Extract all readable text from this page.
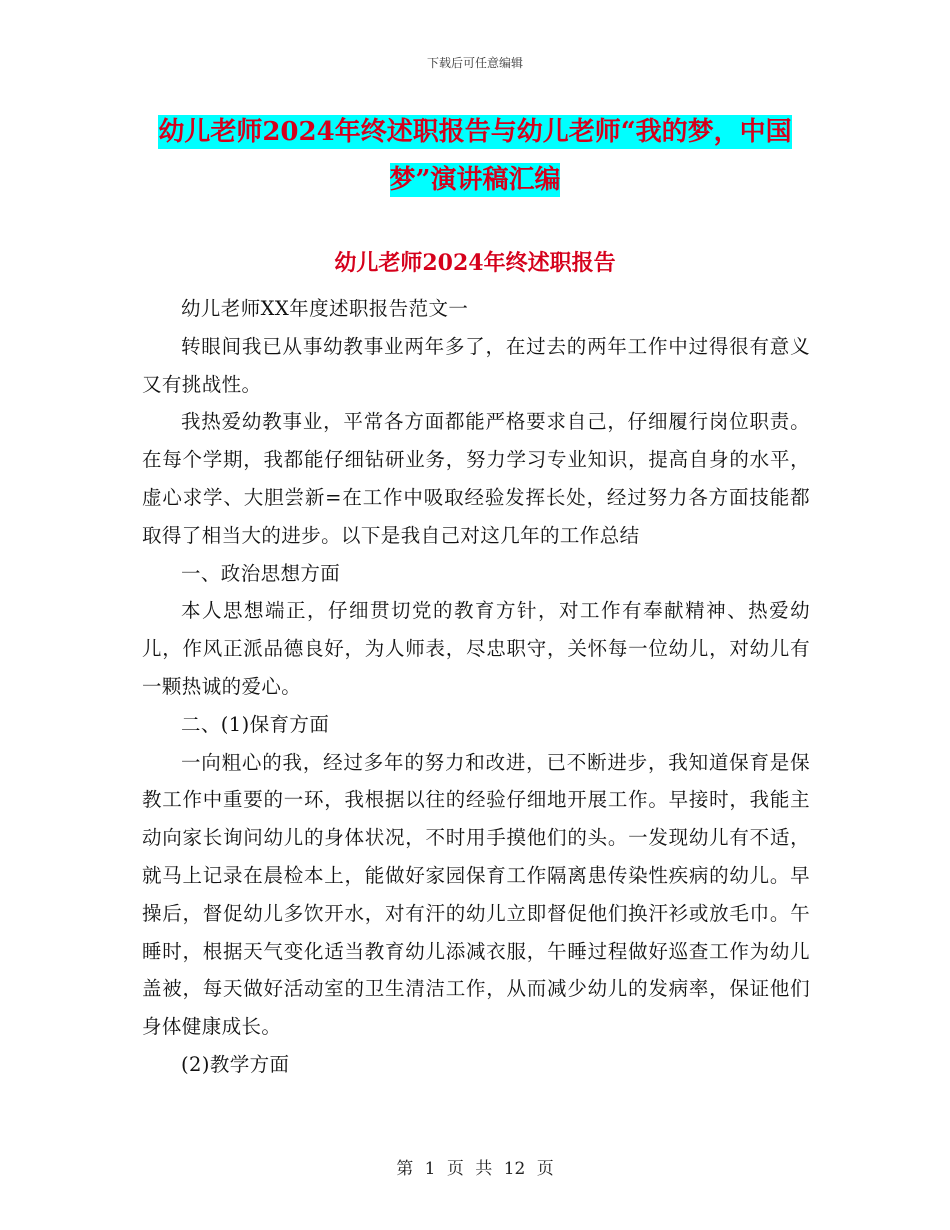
下载后可任意编辑
幼儿老师2024年终述职报告与幼儿老师“我的梦，中国梦”演讲稿汇编
幼儿老师2024年终述职报告

幼儿老师XX年度述职报告范文一

转眼间我已从事幼教事业两年多了，在过去的两年工作中过得很有意义又有挑战性。

我热爱幼教事业，平常各方面都能严格要求自己，仔细履行岗位职责。在每个学期，我都能仔细钻研业务，努力学习专业知识，提高自身的水平，虚心求学、大胆尝新=在工作中吸取经验发挥长处，经过努力各方面技能都取得了相当大的进步。以下是我自己对这几年的工作总结

一、政治思想方面

本人思想端正，仔细贯切党的教育方针，对工作有奉献精神、热爱幼儿，作风正派品德良好，为人师表，尽忠职守，关怀每一位幼儿，对幼儿有一颗热诚的爱心。

二、(1)保育方面

一向粗心的我，经过多年的努力和改进，已不断进步，我知道保育是保教工作中重要的一环，我根据以往的经验仔细地开展工作。早接时，我能主动向家长询问幼儿的身体状况，不时用手摸他们的头。一发现幼儿有不适，就马上记录在晨检本上，能做好家园保育工作隔离患传染性疾病的幼儿。早操后，督促幼儿多饮开水，对有汗的幼儿立即督促他们换汗衫或放毛巾。午睡时，根据天气变化适当教育幼儿添减衣服，午睡过程做好巡查工作为幼儿盖被，每天做好活动室的卫生清洁工作，从而减少幼儿的发病率，保证他们身体健康成长。

(2)教学方面

第 1 页 共 12 页
